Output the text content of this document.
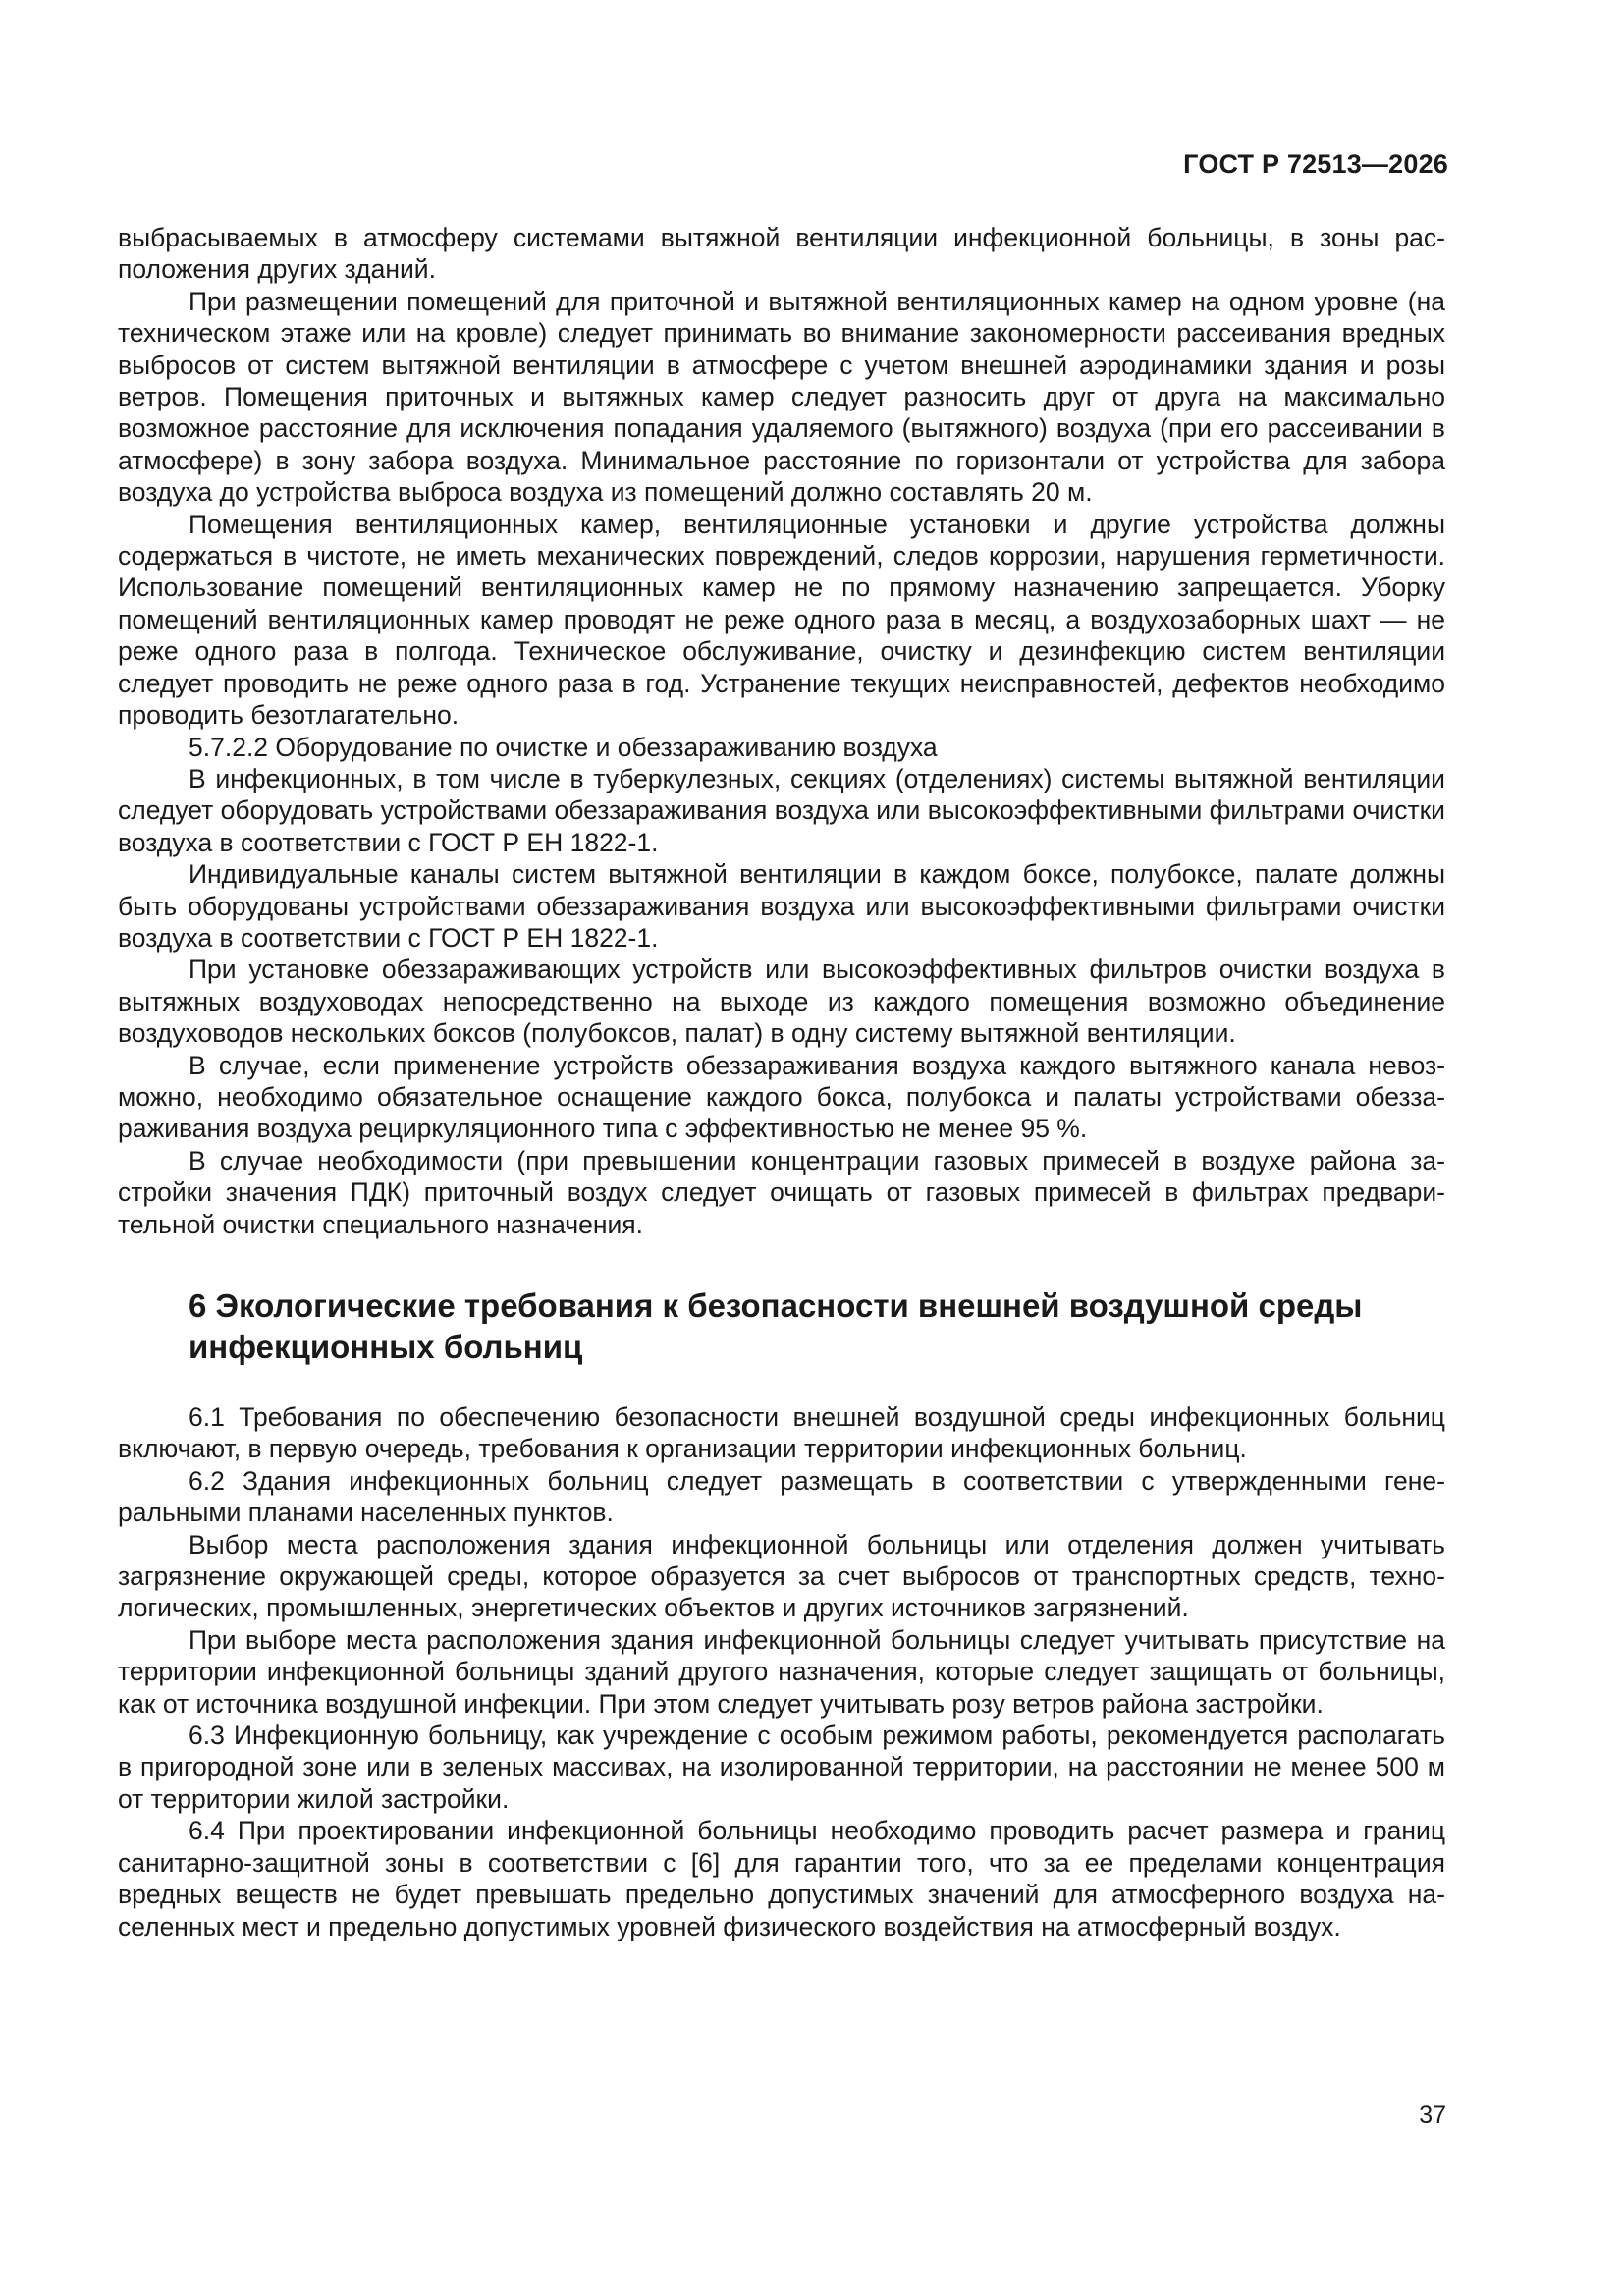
ГОСТ Р 72513—2026

выбрасываемых в атмосферу системами вытяжной вентиляции инфекционной больницы, в зоны расположения других зданий.

При размещении помещений для приточной и вытяжной вентиляционных камер на одном уровне (на техническом этаже или на кровле) следует принимать во внимание закономерности рассеивания вредных выбросов от систем вытяжной вентиляции в атмосфере с учетом внешней аэродинамики здания и розы ветров. Помещения приточных и вытяжных камер следует разносить друг от друга на максимально возможное расстояние для исключения попадания удаляемого (вытяжного) воздуха (при его рассеивании в атмосфере) в зону забора воздуха. Минимальное расстояние по горизонтали от устройства для забора воздуха до устройства выброса воздуха из помещений должно составлять 20 м.

Помещения вентиляционных камер, вентиляционные установки и другие устройства должны содержаться в чистоте, не иметь механических повреждений, следов коррозии, нарушения герметичности. Использование помещений вентиляционных камер не по прямому назначению запрещается. Уборку помещений вентиляционных камер проводят не реже одного раза в месяц, а воздухозаборных шахт — не реже одного раза в полгода. Техническое обслуживание, очистку и дезинфекцию систем вентиляции следует проводить не реже одного раза в год. Устранение текущих неисправностей, дефектов необходимо проводить безотлагательно.

5.7.2.2 Оборудование по очистке и обеззараживанию воздуха

В инфекционных, в том числе в туберкулезных, секциях (отделениях) системы вытяжной вентиляции следует оборудовать устройствами обеззараживания воздуха или высокоэффективными фильтрами очистки воздуха в соответствии с ГОСТ Р ЕН 1822-1.

Индивидуальные каналы систем вытяжной вентиляции в каждом боксе, полубоксе, палате должны быть оборудованы устройствами обеззараживания воздуха или высокоэффективными фильтрами очистки воздуха в соответствии с ГОСТ Р ЕН 1822-1.

При установке обеззараживающих устройств или высокоэффективных фильтров очистки воздуха в вытяжных воздуховодах непосредственно на выходе из каждого помещения возможно объединение воздуховодов нескольких боксов (полубоксов, палат) в одну систему вытяжной вентиляции.

В случае, если применение устройств обеззараживания воздуха каждого вытяжного канала невозможно, необходимо обязательное оснащение каждого бокса, полубокса и палаты устройствами обеззараживания воздуха рециркуляционного типа с эффективностью не менее 95 %.

В случае необходимости (при превышении концентрации газовых примесей в воздухе района застройки значения ПДК) приточный воздух следует очищать от газовых примесей в фильтрах предварительной очистки специального назначения.

6 Экологические требования к безопасности внешней воздушной среды инфекционных больниц

6.1 Требования по обеспечению безопасности внешней воздушной среды инфекционных больниц включают, в первую очередь, требования к организации территории инфекционных больниц.

6.2 Здания инфекционных больниц следует размещать в соответствии с утвержденными генеральными планами населенных пунктов.

Выбор места расположения здания инфекционной больницы или отделения должен учитывать загрязнение окружающей среды, которое образуется за счет выбросов от транспортных средств, технологических, промышленных, энергетических объектов и других источников загрязнений.

При выборе места расположения здания инфекционной больницы следует учитывать присутствие на территории инфекционной больницы зданий другого назначения, которые следует защищать от больницы, как от источника воздушной инфекции. При этом следует учитывать розу ветров района застройки.

6.3 Инфекционную больницу, как учреждение с особым режимом работы, рекомендуется располагать в пригородной зоне или в зеленых массивах, на изолированной территории, на расстоянии не менее 500 м от территории жилой застройки.

6.4 При проектировании инфекционной больницы необходимо проводить расчет размера и границ санитарно-защитной зоны в соответствии с [6] для гарантии того, что за ее пределами концентрация вредных веществ не будет превышать предельно допустимых значений для атмосферного воздуха населенных мест и предельно допустимых уровней физического воздействия на атмосферный воздух.

37
